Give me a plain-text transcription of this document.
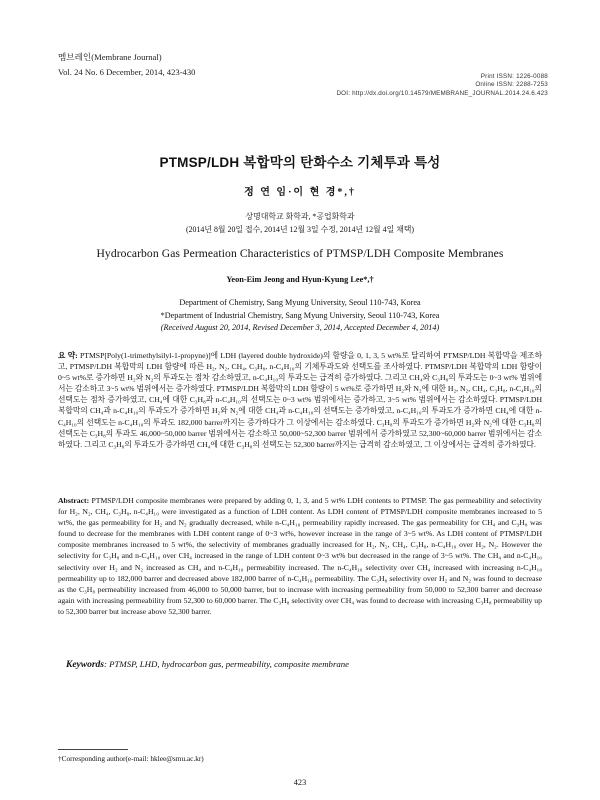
멤브레인(Membrane Journal)
Vol. 24 No. 6 December, 2014, 423-430	Print ISSN: 1226-0088
Online ISSN: 2288-7253
DOI: http://dx.doi.org/10.14579/MEMBRANE_JOURNAL.2014.24.6.423
PTMSP/LDH 복합막의 탄화수소 기체투과 특성
정 연 임·이 현 경*,†
상명대학교 화학과, *공업화학과
(2014년 8월 20일 접수, 2014년 12월 3일 수정, 2014년 12월 4일 채택)
Hydrocarbon Gas Permeation Characteristics of PTMSP/LDH Composite Membranes
Yeon-Eim Jeong and Hyun-Kyung Lee*,†
Department of Chemistry, Sang Myung University, Seoul 110-743, Korea
*Department of Industrial Chemistry, Sang Myung University, Seoul 110-743, Korea
(Received August 20, 2014, Revised December 3, 2014, Accepted December 4, 2014)
요 약: PTMSP[Poly(1-trimethylsilyl-1-propyne)]에 LDH (layered double hydroxide)의 함량을 0, 1, 3, 5 wt%로 달리하여 PTMSP/LDH 복합막을 제조하고, PTMSP/LDH 복합막의 LDH 함량에 따른 H₂, N₂, CH₄, C₃H₈, n-C₄H₁₀의 기체투과도와 선택도를 조사하였다. PTMSP/LDH 복합막의 LDH 함량이 0~5 wt%로 증가하면 H₂와 N₂의 투과도는 점차 감소하였고, n-C₄H₁₀의 투과도는 급격히 증가하였다. 그리고 CH₄와 C₃H₈의 투과도는 0~3 wt% 범위에서는 감소하고 3~5 wt% 범위에서는 증가하였다. PTMSP/LDH 복합막의 LDH 함량이 5 wt%로 증가하면 H₂와 N₂에 대한 H₂, N₂, CH₄, C₃H₈, n-C₄H₁₀의 선택도는 점차 증가하였고, CH₄에 대한 C₃H₈과 n-C₄H₁₀의 선택도는 0~3 wt% 범위에서는 증가하고, 3~5 wt% 범위에서는 감소하였다. PTMSP/LDH 복합막의 CH₄과 n-C₄H₁₀의 투과도가 증가하면 H₂와 N₂에 대한 CH₄과 n-C₄H₁₀의 선택도는 증가하였고, n-C₄H₁₀의 투과도가 증가하면 CH₄에 대한 n-C₄H₁₀의 선택도는 n-C₄H₁₀의 투과도 182,000 barrer까지는 증가하다가 그 이상에서는 감소하였다. C₃H₈의 투과도가 증가하면 H₂와 N₂에 대한 C₃H₈의 선택도는 C₃H₈의 투과도 46,000~50,000 barrer 범위에서는 감소하고 50,000~52,300 barrer 범위에서 증가하였고 52,300~60,000 barrer 범위에서는 감소하였다. 그리고 C₃H₈의 투과도가 증가하면 CH₄에 대한 C₃H₈의 선택도는 52,300 barrer까지는 급격히 감소하였고, 그 이상에서는 급격히 증가하였다.
Abstract: PTMSP/LDH composite membranes were prepared by adding 0, 1, 3, and 5 wt% LDH contents to PTMSP. The gas permeability and selectivity for H₂, N₂, CH₄, C₃H₈, n-C₄H₁₀ were investigated as a function of LDH content. As LDH content of PTMSP/LDH composite membranes increased to 5 wt%, the gas permeability for H₂ and N₂ gradually decreased, while n-C₄H₁₀ permeability rapidly increased. The gas permeability for CH₄ and C₃H₈ was found to decrease for the membranes with LDH content range of 0~3 wt%, however increase in the range of 3~5 wt%. As LDH content of PTMSP/LDH composite membranes increased to 5 wt%, the selectivity of membranes gradually increased for H₂, N₂, CH₄, C₃H₈, n-C₄H₁₀ over H₂, N₂. However the selectivity for C₃H₈ and n-C₄H₁₀ over CH₄ increased in the range of LDH content 0~3 wt% but decreased in the range of 3~5 wt%. The CH₄ and n-C₄H₁₀ selectivity over H₂ and N₂ increased as CH₄ and n-C₄H₁₀ permeability increased. The n-C₄H₁₀ selectivity over CH₄ increased with increasing n-C₄H₁₀ permeability up to 182,000 barrer and decreased above 182,000 barrer of n-C₄H₁₀ permeability. The C₃H₈ selectivity over H₂ and N₂ was found to decrease as the C₃H₈ permeability increased from 46,000 to 50,000 barrer, but to increase with increasing permeability from 50,000 to 52,300 barrer and decrease again with increasing permeability from 52,300 to 60,000 barrer. The C₃H₈ selectivity over CH₄ was found to decrease with increasing C₃H₈ permeability up to 52,300 barrer but increase above 52,300 barrer.
Keywords: PTMSP, LHD, hydrocarbon gas, permeability, composite membrane
†Corresponding author(e-mail: hklee@smu.ac.kr)
423
